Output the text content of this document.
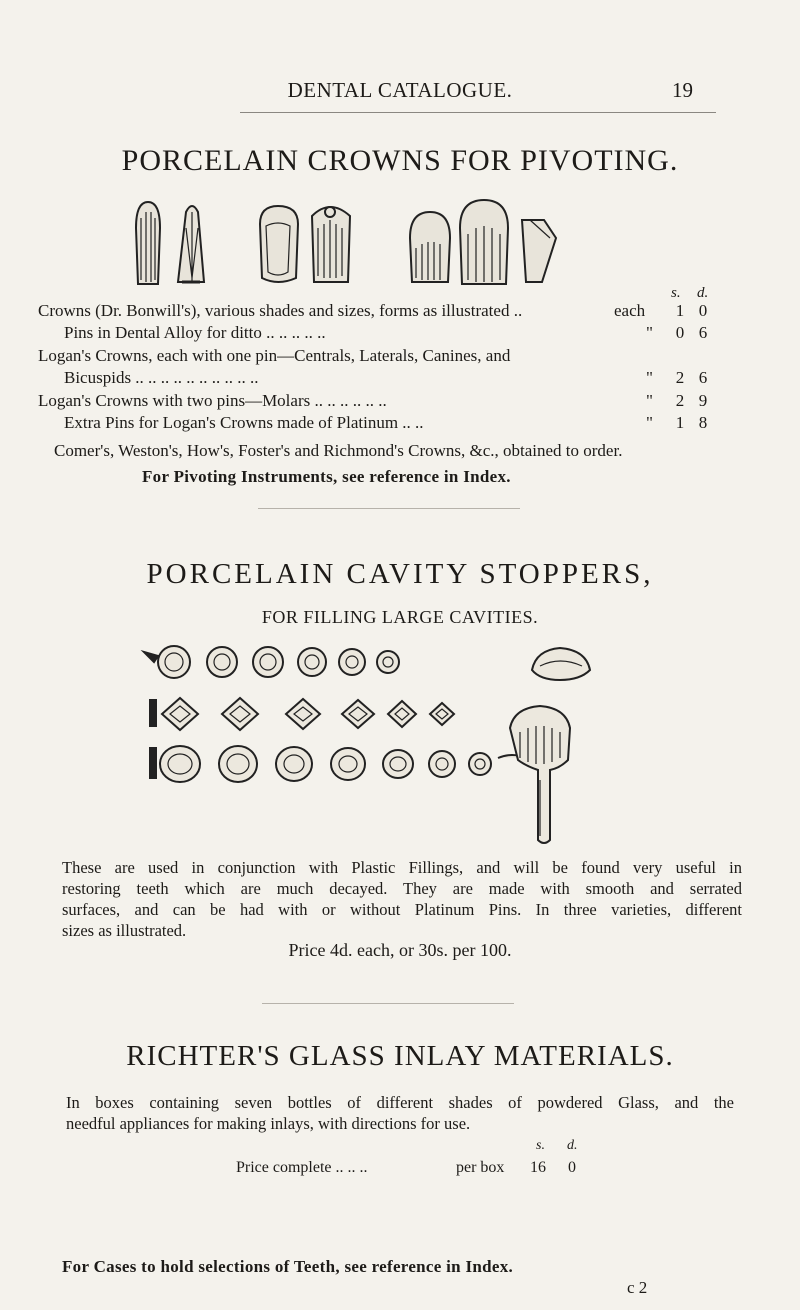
DENTAL CATALOGUE.	19
PORCELAIN CROWNS FOR PIVOTING.
s. d.
Crowns (Dr. Bonwill's), various shades and sizes, forms as illustrated ..	each 1 0
Pins in Dental Alloy for ditto .. .. .. .. ..	" 0 6
Logan's Crowns, each with one pin—Centrals, Laterals, Canines, and
Bicuspids .. .. .. .. .. .. .. .. .. ..	" 2 6
Logan's Crowns with two pins—Molars .. .. .. .. .. ..	" 2 9
Extra Pins for Logan's Crowns made of Platinum .. ..	" 1 8
Comer's, Weston's, How's, Foster's and Richmond's Crowns, &c., obtained to order.
For Pivoting Instruments, see reference in Index.
PORCELAIN CAVITY STOPPERS,
FOR FILLING LARGE CAVITIES.
These are used in conjunction with Plastic Fillings, and will be found very useful in
restoring teeth which are much decayed. They are made with smooth and serrated
surfaces, and can be had with or without Platinum Pins. In three varieties, different
sizes as illustrated.
Price 4d. each, or 30s. per 100.
RICHTER'S GLASS INLAY MATERIALS.
In boxes containing seven bottles of different shades of powdered Glass, and the
needful appliances for making inlays, with directions for use.
s. d.
Price complete .. .. ..	per box 16 0
For Cases to hold selections of Teeth, see reference in Index.
c 2
